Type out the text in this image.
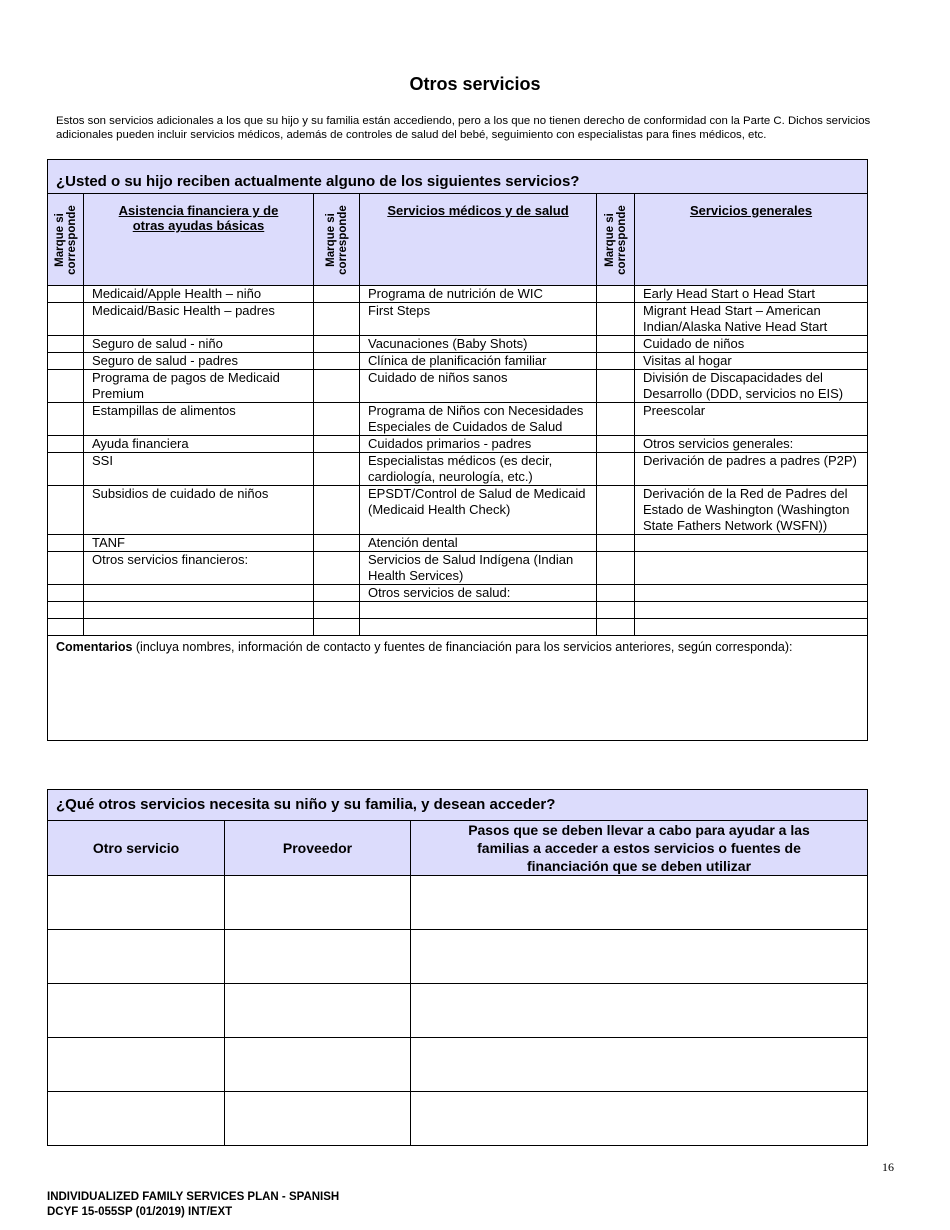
Otros servicios
Estos son servicios adicionales a los que su hijo y su familia están accediendo, pero a los que no tienen derecho de conformidad con la Parte C. Dichos servicios adicionales pueden incluir servicios médicos, además de controles de salud del bebé, seguimiento con especialistas para fines médicos, etc.
¿Usted o su hijo reciben actualmente alguno de los siguientes servicios?					

Marque si corresponde	Asistencia financiera y de otras ayudas básicas	Marque si corresponde	Servicios médicos y de salud	Marque si corresponde	Servicios generales

	Medicaid/Apple Health – niño		Programa de nutrición de WIC		Early Head Start o Head Start
	Medicaid/Basic Health – padres		First Steps		Migrant Head Start – American Indian/Alaska Native Head Start
	Seguro de salud - niño		Vacunaciones (Baby Shots)		Cuidado de niños
	Seguro de salud - padres		Clínica de planificación familiar		Visitas al hogar
	Programa de pagos de Medicaid Premium		Cuidado de niños sanos		División de Discapacidades del Desarrollo (DDD, servicios no EIS)
	Estampillas de alimentos		Programa de Niños con Necesidades Especiales de Cuidados de Salud		Preescolar
	Ayuda financiera		Cuidados primarios - padres		Otros servicios generales:
	SSI		Especialistas médicos (es decir, cardiología, neurología, etc.)		Derivación de padres a padres (P2P)
	Subsidios de cuidado de niños		EPSDT/Control de Salud de Medicaid (Medicaid Health Check)		Derivación de la Red de Padres del Estado de Washington (Washington State Fathers Network (WSFN))
	TANF		Atención dental		
	Otros servicios financieros:		Servicios de Salud Indígena (Indian Health Services)		
			Otros servicios de salud:		

Comentarios (incluya nombres, información de contacto y fuentes de financiación para los servicios anteriores, según corresponda):					
¿Qué otros servicios necesita su niño y su familia, y desean acceder?		
Otro servicio	Proveedor	Pasos que se deben llevar a cabo para ayudar a las familias a acceder a estos servicios o fuentes de financiación que se deben utilizar

16
INDIVIDUALIZED FAMILY SERVICES PLAN - SPANISH
DCYF 15-055SP (01/2019) INT/EXT
